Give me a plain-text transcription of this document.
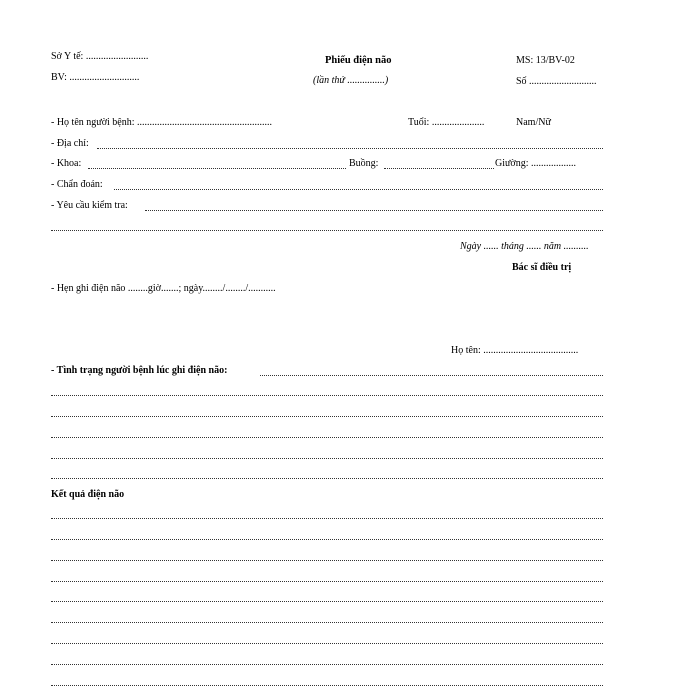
Sở Y tế: .........................
BV: ............................
Phiếu điện não
(lần thứ ...............)
MS: 13/BV-02
Số ...........................
- Họ tên người bệnh: ......................................................	Tuổi: .....................	Nam/Nữ
- Địa chỉ:
- Khoa:	Buồng:	Giường: ..................
- Chẩn đoán:
- Yêu cầu kiểm tra:
Ngày ...... tháng ...... năm ..........
Bác sĩ điều trị
- Hẹn ghi điện não ........giờ.......; ngày......../......../...........
Họ tên: ......................................
- Tình trạng người bệnh lúc ghi điện não:
Kết quả điện não
